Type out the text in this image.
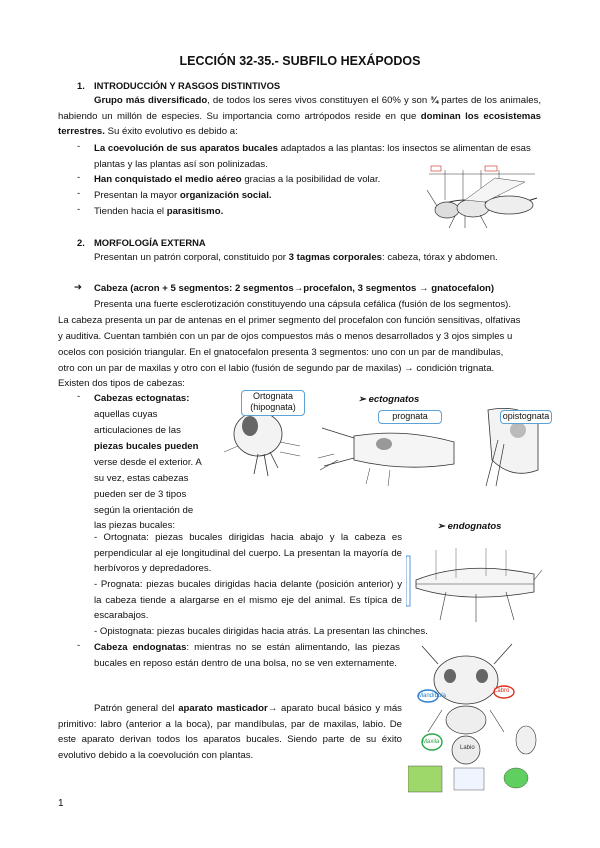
LECCIÓN 32-35.- SUBFILO HEXÁPODOS
1. INTRODUCCIÓN Y RASGOS DISTINTIVOS
Grupo más diversificado, de todos los seres vivos constituyen el 60% y son ¾ partes de los animales, habiendo un millón de especies. Su importancia como artrópodos reside en que dominan los ecosistemas terrestres. Su éxito evolutivo es debido a:
- La coevolución de sus aparatos bucales adaptados a las plantas: los insectos se alimentan de esas plantas y las plantas así son polinizadas.
- Han conquistado el medio aéreo gracias a la posibilidad de volar.
- Presentan la mayor organización social.
- Tienden hacia el parasitismo.
2. MORFOLOGÍA EXTERNA
Presentan un patrón corporal, constituido por 3 tagmas corporales: cabeza, tórax y abdomen.
➔ Cabeza (acron + 5 segmentos: 2 segmentos→procefalon, 3 segmentos → gnatocefalon)
Presenta una fuerte esclerotización constituyendo una cápsula cefálica (fusión de los segmentos).
La cabeza presenta un par de antenas en el primer segmento del procefalon con función sensitivas, olfativas
y auditiva. Cuentan también con un par de ojos compuestos más o menos desarrollados y 3 ojos simples u
ocelos con posición triangular. En el gnatocefalon presenta 3 segmentos: uno con un par de mandibulas,
otro con un par de maxilas y otro con el labio (fusión de segundo par de maxilas) → condición trignata.
Existen dos tipos de cabezas:
- Cabezas ectognatas:
aquellas cuyas
articulaciones de las
piezas bucales pueden
verse desde el exterior. A
su vez, estas cabezas
pueden ser de 3 tipos
según la orientación de
las piezas bucales:
Ortognata (hipognata)
➢ ectognatos
prognata	opistognata
- Ortognata: piezas bucales dirigidas hacia abajo y la cabeza es perpendicular al eje longitudinal del cuerpo. La presentan la mayoría de herbívoros y depredadores.
- Prognata: piezas bucales dirigidas hacia delante (posición anterior) y la cabeza tiende a alargarse en el mismo eje del animal. Es típica de escarabajos.
- Opistognata: piezas bucales dirigidas hacia atrás. La presentan las chinches.
➢ endognatos
- Cabeza endognatas: mientras no se están alimentando, las piezas bucales en reposo están dentro de una bolsa, no se ven externamente.
Patrón general del aparato masticador→ aparato bucal básico y más primitivo: labro (anterior a la boca), par mandíbulas, par de maxilas, labio. De este aparato derivan todos los aparatos bucales. Siendo parte de su éxito evolutivo debido a la coevolución con plantas.
Labro
Mandíbula
Maxila
Labio
1
